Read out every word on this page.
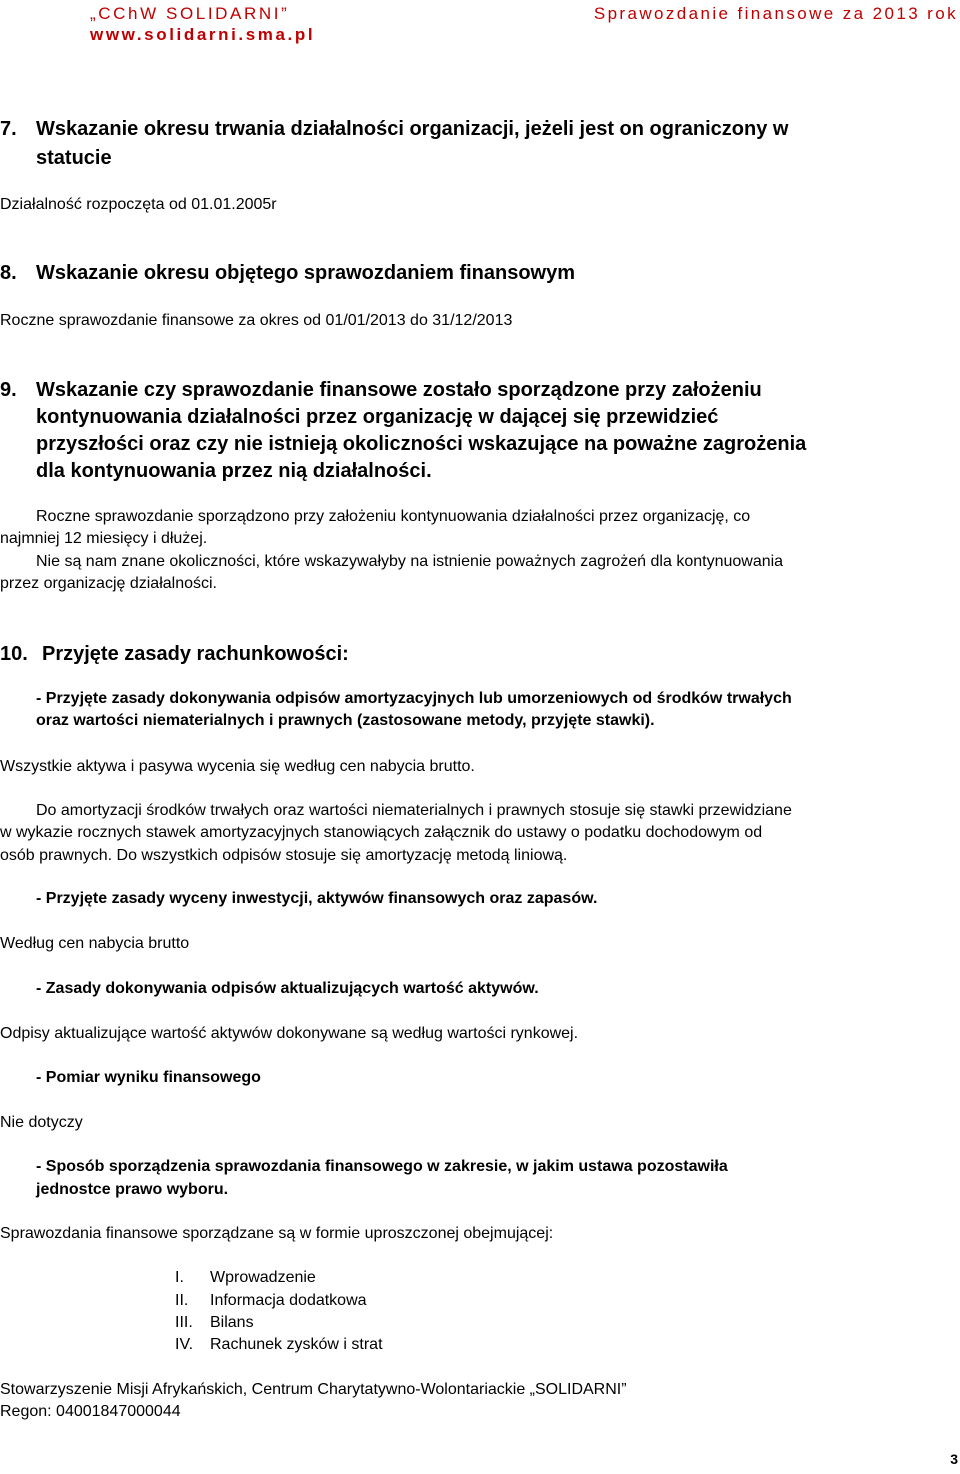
„CChW SOLIDARNI”	Sprawozdanie finansowe za 2013 rok
www.solidarni.sma.pl
7. Wskazanie okresu trwania działalności organizacji, jeżeli jest on ograniczony w
statucie
Działalność rozpoczęta od 01.01.2005r
8. Wskazanie okresu objętego sprawozdaniem finansowym
Roczne sprawozdanie finansowe za okres od 01/01/2013 do 31/12/2013
9. Wskazanie czy sprawozdanie finansowe zostało sporządzone przy założeniu
kontynuowania działalności przez organizację w dającej się przewidzieć
przyszłości oraz czy nie istnieją okoliczności wskazujące na poważne zagrożenia
dla kontynuowania przez nią działalności.
Roczne sprawozdanie sporządzono przy założeniu kontynuowania działalności przez organizację, co
najmniej 12 miesięcy i dłużej.
Nie są nam znane okoliczności, które wskazywałyby na istnienie poważnych zagrożeń dla kontynuowania
przez organizację działalności.
10. Przyjęte zasady rachunkowości:
- Przyjęte zasady dokonywania odpisów amortyzacyjnych lub umorzeniowych od środków trwałych
oraz wartości niematerialnych i prawnych (zastosowane metody, przyjęte stawki).
Wszystkie aktywa i pasywa wycenia się według cen nabycia brutto.
Do amortyzacji środków trwałych oraz wartości niematerialnych i prawnych stosuje się stawki przewidziane
w wykazie rocznych stawek amortyzacyjnych stanowiących załącznik do ustawy o podatku dochodowym od
osób prawnych. Do wszystkich odpisów stosuje się amortyzację metodą liniową.
- Przyjęte zasady wyceny inwestycji, aktywów finansowych oraz zapasów.
Według cen nabycia brutto
- Zasady dokonywania odpisów aktualizujących wartość aktywów.
Odpisy aktualizujące wartość aktywów dokonywane są według wartości rynkowej.
- Pomiar wyniku finansowego
Nie dotyczy
- Sposób sporządzenia sprawozdania finansowego w zakresie, w jakim ustawa pozostawiła
jednostce prawo wyboru.
Sprawozdania finansowe sporządzane są w formie uproszczonej obejmującej:
I. Wprowadzenie
II. Informacja dodatkowa
III. Bilans
IV. Rachunek zysków i strat
Stowarzyszenie Misji Afrykańskich, Centrum Charytatywno-Wolontariackie „SOLIDARNI”
Regon: 04001847000044
3
